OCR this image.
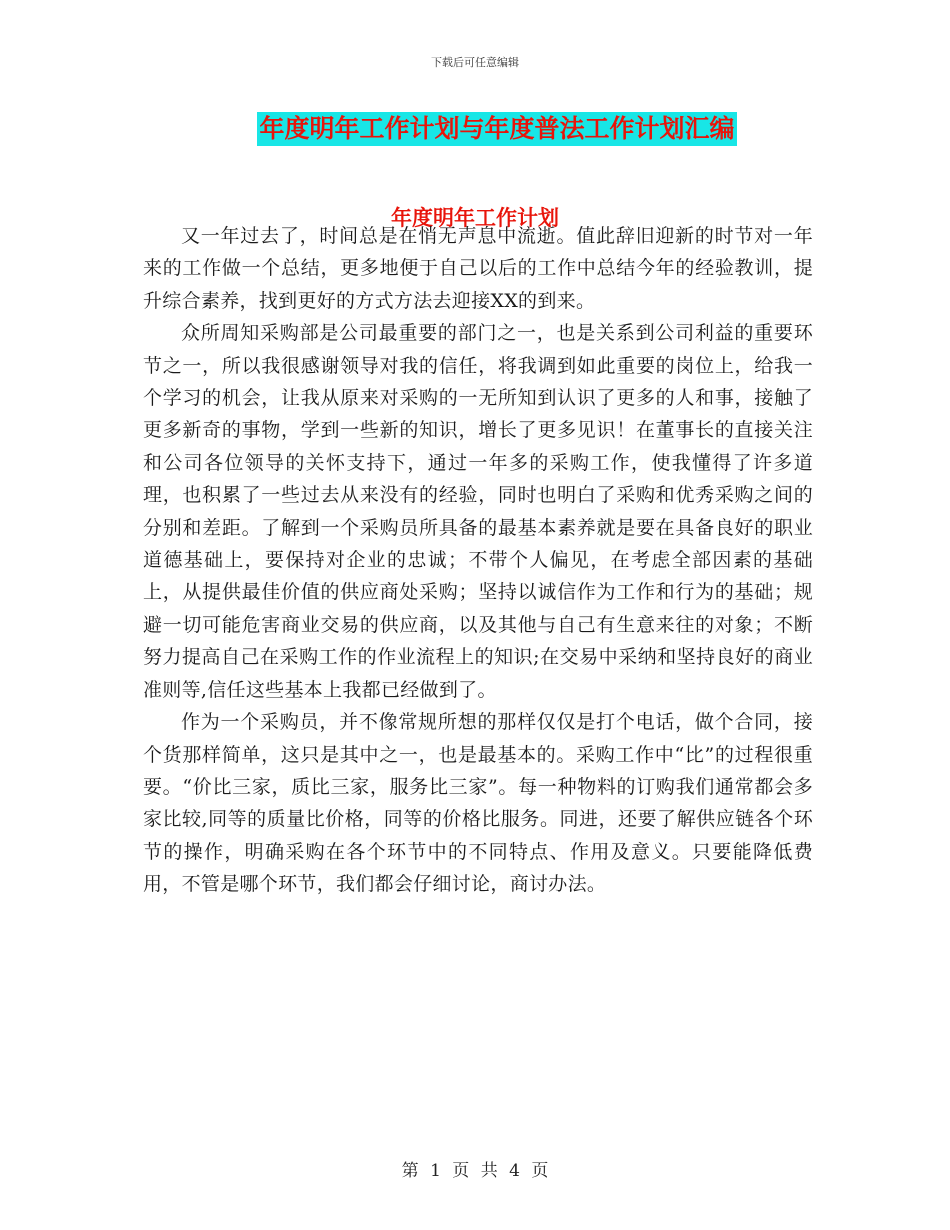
下载后可任意编辑
年度明年工作计划与年度普法工作计划汇编
年度明年工作计划

又一年过去了，时间总是在悄无声息中流逝。值此辞旧迎新的时节对一年来的工作做一个总结，更多地便于自己以后的工作中总结今年的经验教训，提升综合素养，找到更好的方式方法去迎接XX的到来。

众所周知采购部是公司最重要的部门之一，也是关系到公司利益的重要环节之一，所以我很感谢领导对我的信任，将我调到如此重要的岗位上，给我一个学习的机会，让我从原来对采购的一无所知到认识了更多的人和事，接触了更多新奇的事物，学到一些新的知识，增长了更多见识！在董事长的直接关注和公司各位领导的关怀支持下，通过一年多的采购工作，使我懂得了许多道理，也积累了一些过去从来没有的经验，同时也明白了采购和优秀采购之间的分别和差距。了解到一个采购员所具备的最基本素养就是要在具备良好的职业道德基础上，要保持对企业的忠诚；不带个人偏见，在考虑全部因素的基础上，从提供最佳价值的供应商处采购；坚持以诚信作为工作和行为的基础；规避一切可能危害商业交易的供应商，以及其他与自己有生意来往的对象；不断努力提高自己在采购工作的作业流程上的知识;在交易中采纳和坚持良好的商业准则等,信任这些基本上我都已经做到了。

作为一个采购员，并不像常规所想的那样仅仅是打个电话，做个合同，接个货那样简单，这只是其中之一，也是最基本的。采购工作中“比”的过程很重要。“价比三家，质比三家，服务比三家”。每一种物料的订购我们通常都会多家比较,同等的质量比价格，同等的价格比服务。同进，还要了解供应链各个环节的操作，明确采购在各个环节中的不同特点、作用及意义。只要能降低费用，不管是哪个环节，我们都会仔细讨论，商讨办法。

第 1 页 共 4 页
